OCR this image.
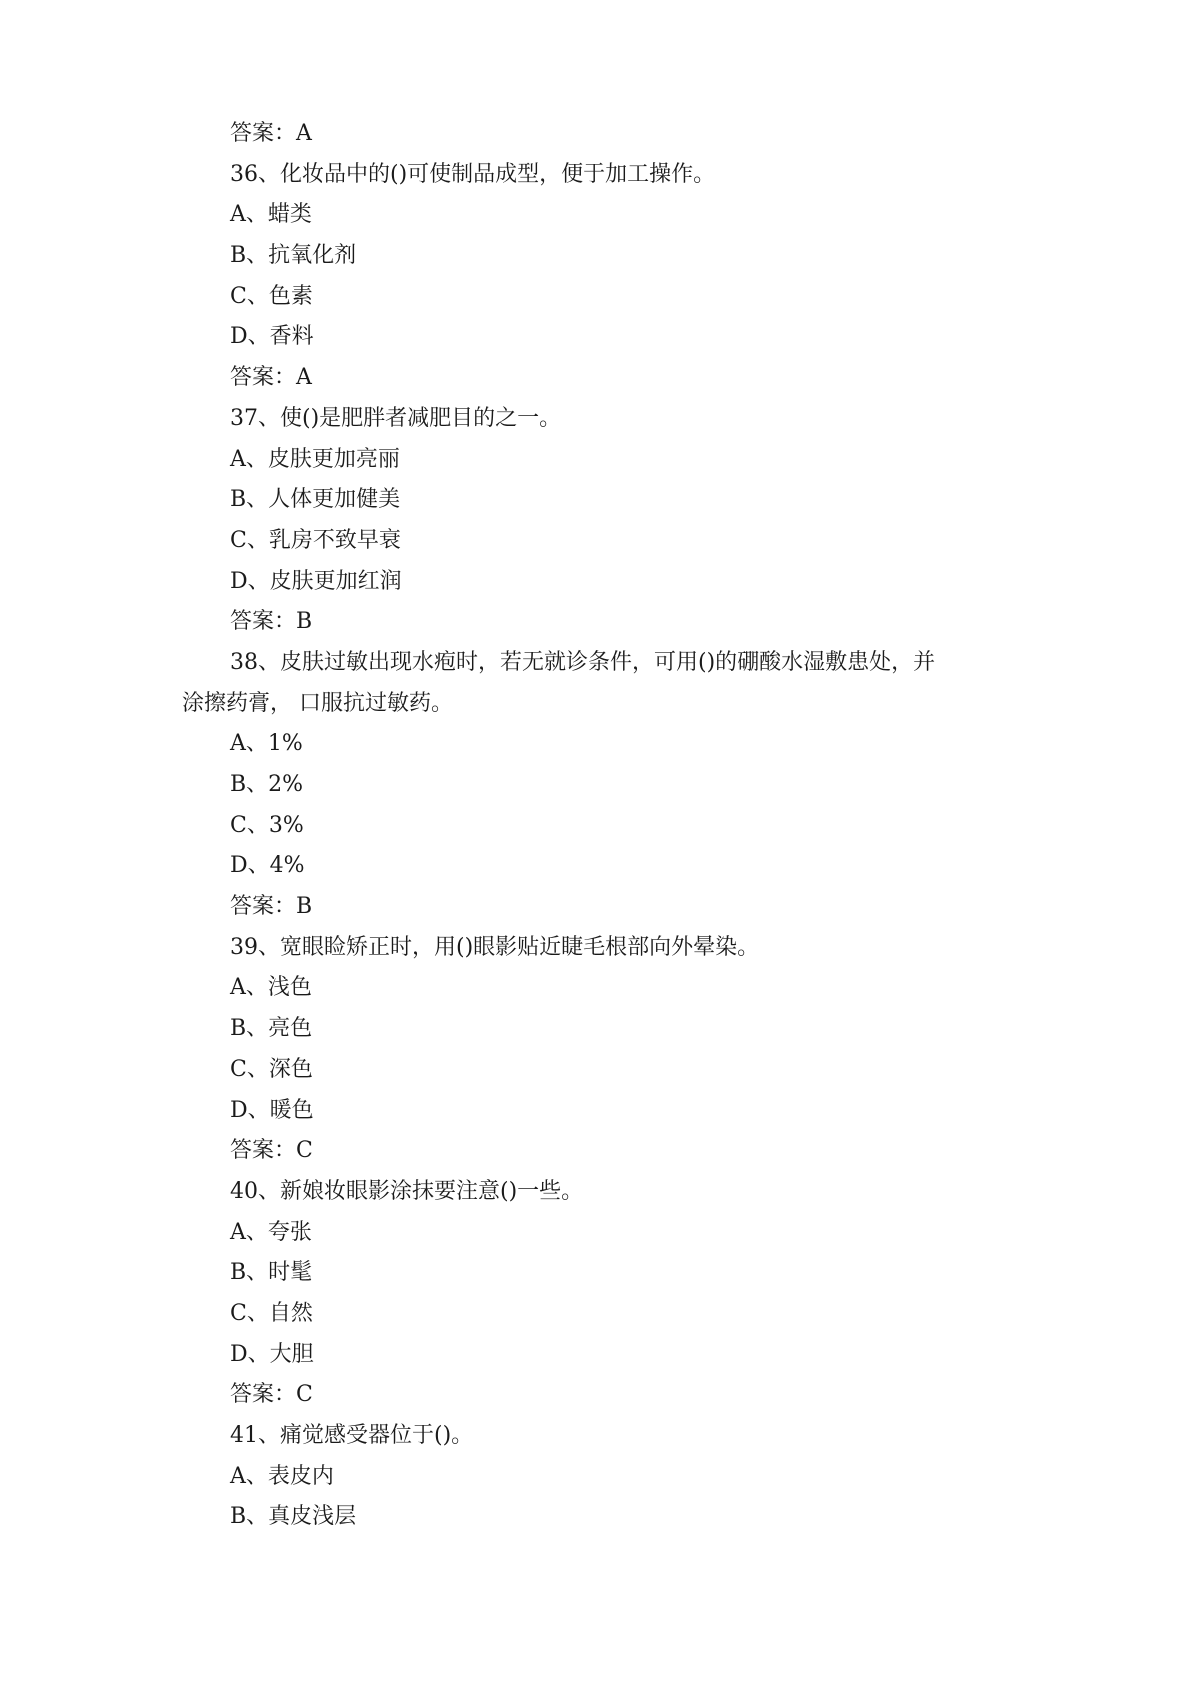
答案：A
36、化妆品中的()可使制品成型，便于加工操作。
A、蜡类
B、抗氧化剂
C、色素
D、香料
答案：A
37、使()是肥胖者减肥目的之一。
A、皮肤更加亮丽
B、人体更加健美
C、乳房不致早衰
D、皮肤更加红润
答案：B
38、皮肤过敏出现水疱时，若无就诊条件，可用()的硼酸水湿敷患处，并
涂擦药膏， 口服抗过敏药。
A、1%
B、2%
C、3%
D、4%
答案：B
39、宽眼睑矫正时，用()眼影贴近睫毛根部向外晕染。
A、浅色
B、亮色
C、深色
D、暖色
答案：C
40、新娘妆眼影涂抹要注意()一些。
A、夸张
B、时髦
C、自然
D、大胆
答案：C
41、痛觉感受器位于()。
A、表皮内
B、真皮浅层
